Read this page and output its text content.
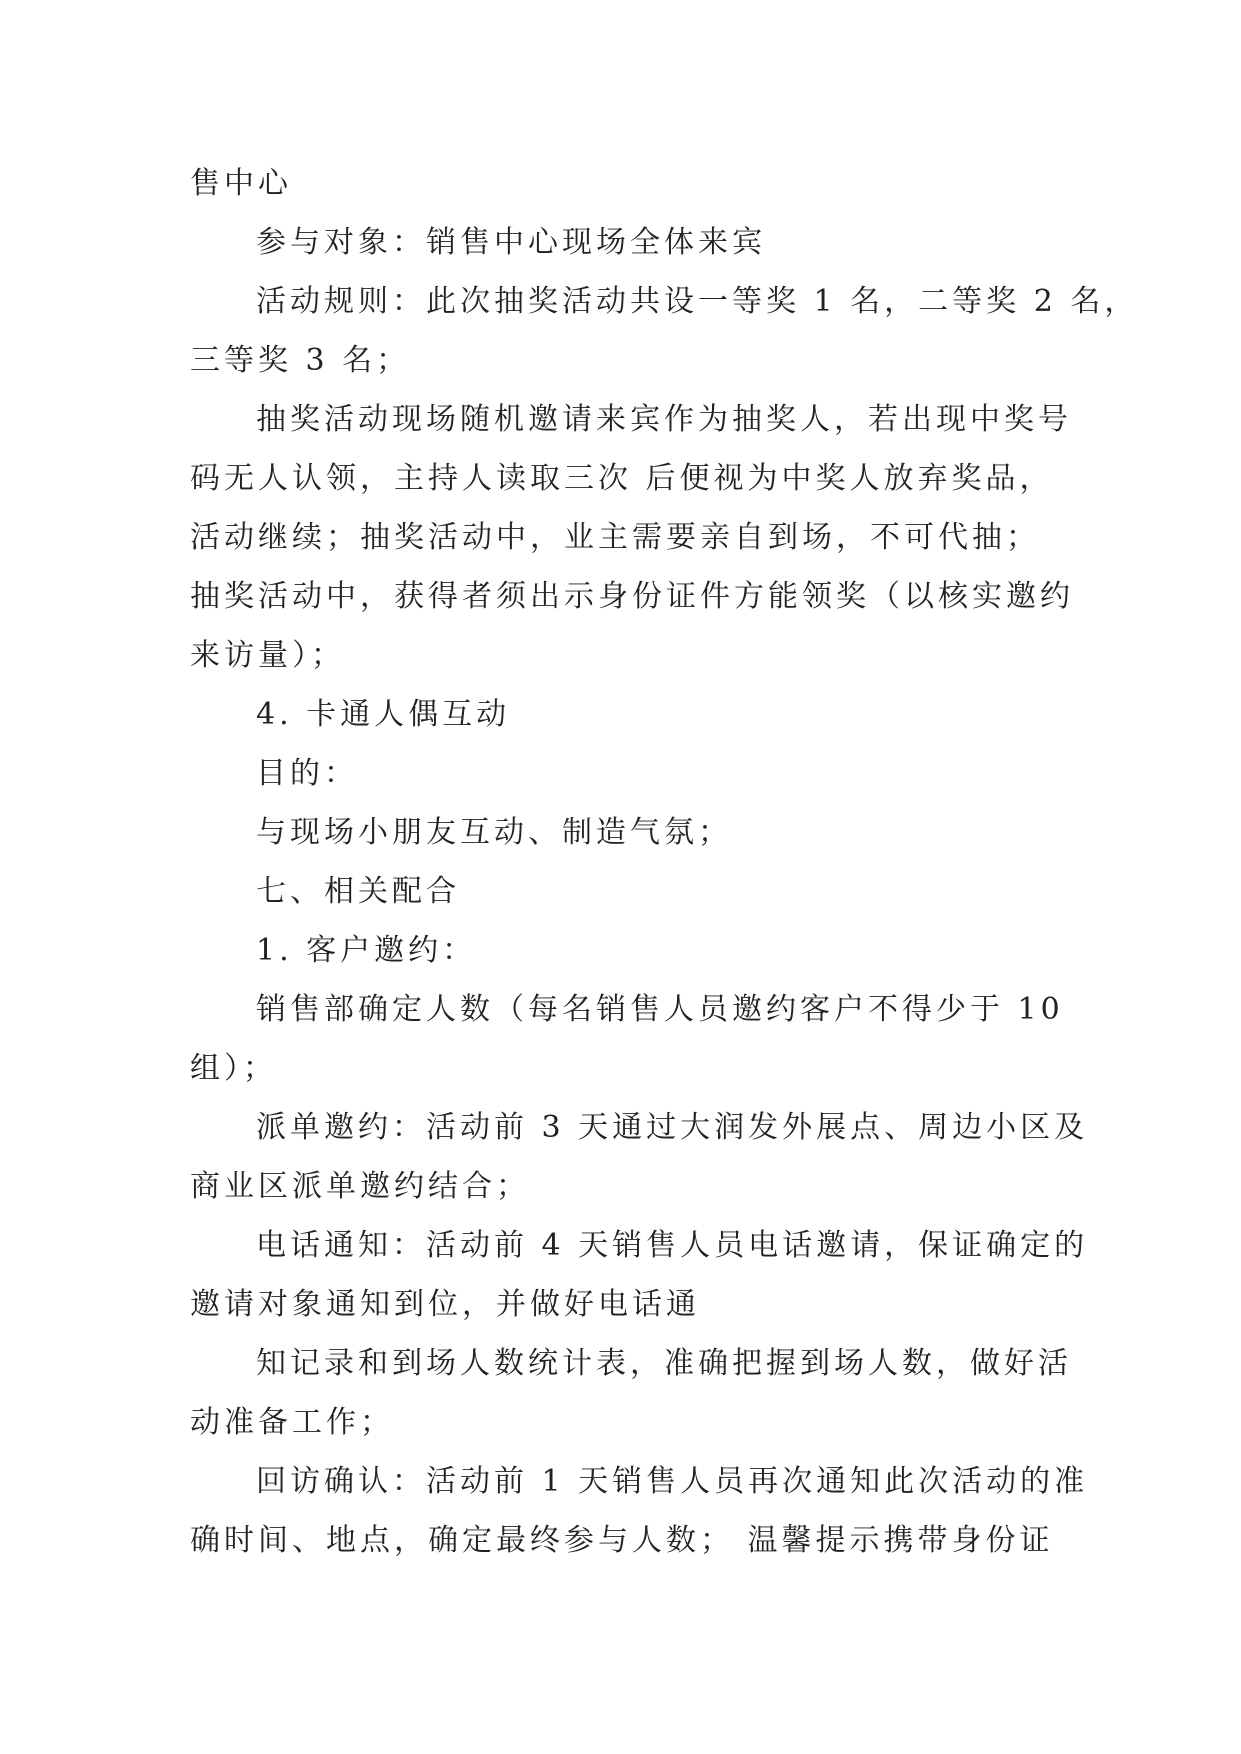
售中心
参与对象：销售中心现场全体来宾
活动规则：此次抽奖活动共设一等奖 1 名，二等奖 2 名，
三等奖 3 名；
抽奖活动现场随机邀请来宾作为抽奖人，若出现中奖号
码无人认领，主持人读取三次 后便视为中奖人放弃奖品，
活动继续；抽奖活动中，业主需要亲自到场，不可代抽；
抽奖活动中，获得者须出示身份证件方能领奖（以核实邀约
来访量）；
4. 卡通人偶互动
目的：
与现场小朋友互动、制造气氛；
七、相关配合
1. 客户邀约：
销售部确定人数（每名销售人员邀约客户不得少于 10
组）；
派单邀约：活动前 3 天通过大润发外展点、周边小区及
商业区派单邀约结合；
电话通知：活动前 4 天销售人员电话邀请，保证确定的
邀请对象通知到位，并做好电话通
知记录和到场人数统计表，准确把握到场人数，做好活
动准备工作；
回访确认：活动前 1 天销售人员再次通知此次活动的准
确时间、地点，确定最终参与人数； 温馨提示携带身份证
